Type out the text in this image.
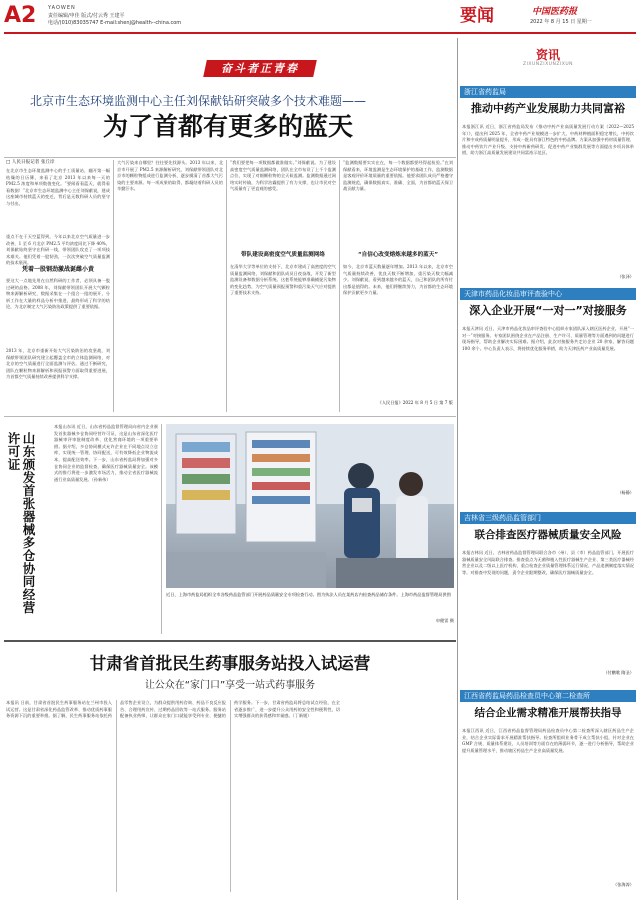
A2 YAOWEN
责任编辑/申佳 版式/付云秀 王建平
电话/(010)83035747 E-mail:shenj@health--china.com	要闻	中国医药报
2022 年 8 月 15 日 星期一
奋斗者正青春
北京市生态环境监测中心主任刘保献钻研突破多个技术难题——
为了首都有更多的蓝天
□ 人民日报记者 张丘岸
在北京市生态环境监测中心的手工质量站，翻开第一幅枯燥的日历簿，来看了北京 2013 年以来每一天的 PM2.5 浓度和单项数值变化。“要闻看看蓝天，就得看看数据！”北京市生态环境监测中心主任刘保献说，建成这座城市持续蓝天的变迁，背后是无数科研人员的坚守与付出。
重点不在于天空蓝得到，今年以来北京空气质量进一步改善，1 至 6 月北京 PM2.5 平均浓度同比下降 40%，刘保献始终坚守在科研一线，带领团队攻克了一项项技术难关。他们凭着一股韧劲，一次次突破空气质量监测的技术瓶颈。
凭着一股钢劲激战诞雌小黄
要这大一点地先用在自然科研的工作者，必须具备一股过硬的品格。2008 年，刘保献带领团队开展大气颗粒物来源解析研究，数据采集在一个组合一组的展开，分析工作在大量的样品分析中推进，最终形成了科学的结论，为北京制定大气污染防治政策提供了重要依据。
2013 年，北京市重新开始大气污染防治的攻坚战，刘保献带领团队研究建立起覆盖全市的立体监测网络，对北京的空气质量进行全面监测与评估。通过不断研究，团队在颗粒物来源解析和预报预警方面取得重要进展，为首都空气质量持续改善提供科学支撑。
大气污染来自哪里？往往要先找源头。2013 年以来，北京市开展了 PM2.5 来源解析研究，刘保献带领团队对北京市的颗粒物组成进行监测分析，逐步摸清了首都大气污染的主要来源。每一项成果的取得，都凝结着科研人员的辛勤汗水。
“我们要把每一项数据都做准做实。”刘保献说。为了建设高密度空气质量监测网络，团队在全市布设了上千个监测点位，实现了对细颗粒物的全天候监测。监测数据通过网络实时传输，为科学治霾提供了有力支撑，也让市民对空气质量有了更直观的感受。
带队建设高密度空气质量监测网络
在清华大学等单位的支持下，北京市建成了高密度的空气质量监测网络，刘保献和团队成员日夜奋战，开发了新型监测设备和数据分析系统。这套系统能够准确捕捉污染物的变化趋势，为空气质量预报预警和重污染天气应对提供了重要技术支持。
“监测数据要实实在在，每一个数据都要经得起检验。”在刘保献看来，环境监测是生态环境保护的基础工作，监测数据是客观评价环境质量的重要依据。他要求团队成员严格遵守监测规范，确保数据真实、准确、全面，为首都的蓝天保卫战贡献力量。
“自信心改变熔炼来越多的蓝天”
如今，北京市蓝天数量逐年增加。2013 年以来，北京市空气质量持续改善，优良天数不断增加，重污染天数大幅减少。刘保献说，看到越来越多的蓝天，自己和团队的所有付出都是值得的。未来，他们将继续努力，为首都的生态环境保护贡献更多力量。
《人民日报》2022 年 8 月 5 日 第 7 版
山东颁发首张器械多仓协同经营许可证
本报山东讯 近日，山东省药品监督管理局向省内企业颁发首张器械多仓协同经营许可证，这是山东省深化医疗器械审评审批制度改革、优化营商环境的一项重要举措。据介绍，多仓协同模式允许企业在不同地点设立仓库，实现统一管理、协同配送，可有效降低企业物流成本，提高配送效率。下一步，山东省药监局将加强对多仓协同企业的监督检查，确保医疗器械质量安全。该模式的推行将进一步激发市场活力，推动全省医疗器械流通行业高质量发展。（孙新伟）
近日，上海市药监局组织全市各级药品监管部门开展药品质量安全专项检查行动。图为执法人员在某药店内检查药品储存条件。上海市药品监督管理局供图
申健雷 摄
甘肃省首批民生药事服务站投入试运营
让公众在“家门口”享受一站式药事服务
本报讯 日前，甘肃省首批民生药事服务站在兰州市投入试运营。这是甘肃省深化药品监管改革、推动优质药事服务资源下沉的重要举措。据了解，民生药事服务站依托药品零售企业设立，为群众提供用药咨询、药品不良反应报告、合理用药宣传、过期药品回收等一站式服务。服务站配备执业药师，让群众在家门口就能享受到专业、便捷的药学服务。下一步，甘肃省药监局将总结试点经验，在全省逐步推广，进一步提升公众用药的安全性和便利性，切实增强群众的获得感和幸福感。（丁新媛）
资讯
ZIXUNZIXUNZIXUN
浙江省药监局
推动中药产业发展助力共同富裕
本报浙江讯 近日，浙江省药监局发布《推动中药产业高质量发展行动方案（2022—2025 年）》，提出到 2025 年，全省中药产业规模进一步扩大，中药材种植面积稳定增长，中药饮片和中成药质量明显提升，形成一批具有浙江特色的中药品牌。方案从加强中药材质量管理、推动中药饮片产业升级、支持中药新药研发、促进中药产业集群发展等方面提出多项具体举措，助力浙江高质量发展建设共同富裕示范区。
（张泽）
天津市药品化妆品审评查验中心
深入企业开展“一对一”对接服务
本报天津讯 近日，天津市药品化妆品审评查验中心组织专家团队深入辖区医药企业，开展“一对一”对接服务。专家团队围绕企业在产品注册、生产许可、质量管理等方面遇到的问题进行现场指导，帮助企业解决实际困难。据介绍，此次对接服务共走访企业 20 余家，解答问题 100 余个。中心负责人表示，将持续优化服务举措，助力天津医药产业高质量发展。
（杨静）
吉林省三级药品监管部门
联合排查医疗器械质量安全风险
本报吉林讯 近日，吉林省药品监督管理局联合各市（州）、县（市）药品监管部门，开展医疗器械质量安全风险联合排查。排查重点为无菌和植入性医疗器械生产企业、第三类医疗器械经营企业以及二级以上医疗机构，重点检查企业质量管理体系运行情况、产品追溯制度落实情况等。对排查中发现的问题，责令企业限期整改，确保医疗器械质量安全。
（付鹏歌 隋圣）
江西省药监局药品检查员中心第二检查所
结合企业需求精准开展帮扶指导
本报江西讯 近日，江西省药品监督管理局药品检查员中心第二检查所深入辖区药品生产企业，结合企业实际需求开展精准帮扶指导。检查所组织业务骨干成立帮扶小组，针对企业在 GMP 合规、质量体系建设、人员培训等方面存在的薄弱环节，逐一进行分析指导，帮助企业提升质量管理水平，推动辖区药品生产企业高质量发展。
（张海涛）
